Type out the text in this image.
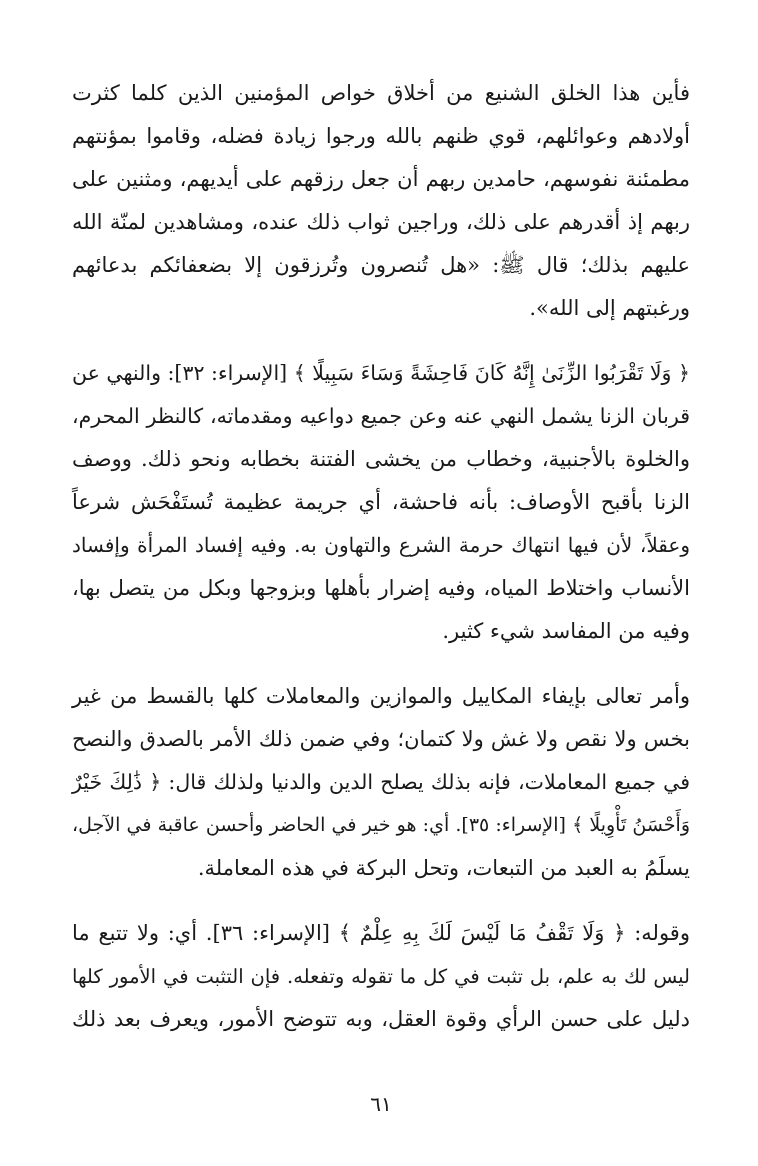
فأين هذا الخلق الشنيع من أخلاق خواص المؤمنين الذين كلما كثرت
أولادهم وعوائلهم، قوي ظنهم بالله ورجوا زيادة فضله، وقاموا بمؤنتهم
مطمئنة نفوسهم، حامدين ربهم أن جعل رزقهم على أيديهم، ومثنين على
ربهم إذ أقدرهم على ذلك، وراجين ثواب ذلك عنده، ومشاهدين لمنّة الله
عليهم بذلك؛ قال ﷺ: «هل تُنصرون وتُرزقون إلا بضعفائكم بدعائهم
ورغبتهم إلى الله».
﴿ وَلَا تَقْرَبُوا الزِّنَىٰ إِنَّهُ كَانَ فَاحِشَةً وَسَاءَ سَبِيلًا ﴾ [الإسراء: ٣٢]: والنهي عن
قربان الزنا يشمل النهي عنه وعن جميع دواعيه ومقدماته، كالنظر المحرم،
والخلوة بالأجنبية، وخطاب من يخشى الفتنة بخطابه ونحو ذلك. ووصف
الزنا بأقبح الأوصاف: بأنه فاحشة، أي جريمة عظيمة تُستَفْحَش شرعاً
وعقلاً، لأن فيها انتهاك حرمة الشرع والتهاون به. وفيه إفساد المرأة وإفساد
الأنساب واختلاط المياه، وفيه إضرار بأهلها وبزوجها وبكل من يتصل بها،
وفيه من المفاسد شيء كثير.
وأمر تعالى بإيفاء المكاييل والموازين والمعاملات كلها بالقسط من غير
بخس ولا نقص ولا غش ولا كتمان؛ وفي ضمن ذلك الأمر بالصدق والنصح
في جميع المعاملات، فإنه بذلك يصلح الدين والدنيا ولذلك قال: ﴿ ذَٰلِكَ خَيْرٌ
وَأَحْسَنُ تَأْوِيلًا ﴾ [الإسراء: ٣٥]. أي: هو خير في الحاضر وأحسن عاقبة في الآجل،
يسلَمُ به العبد من التبعات، وتحل البركة في هذه المعاملة.
وقوله: ﴿ وَلَا تَقْفُ مَا لَيْسَ لَكَ بِهِ عِلْمٌ ﴾ [الإسراء: ٣٦]. أي: ولا تتبع ما
ليس لك به علم، بل تثبت في كل ما تقوله وتفعله. فإن التثبت في الأمور كلها
دليل على حسن الرأي وقوة العقل، وبه تتوضح الأمور، ويعرف بعد ذلك
٦١
